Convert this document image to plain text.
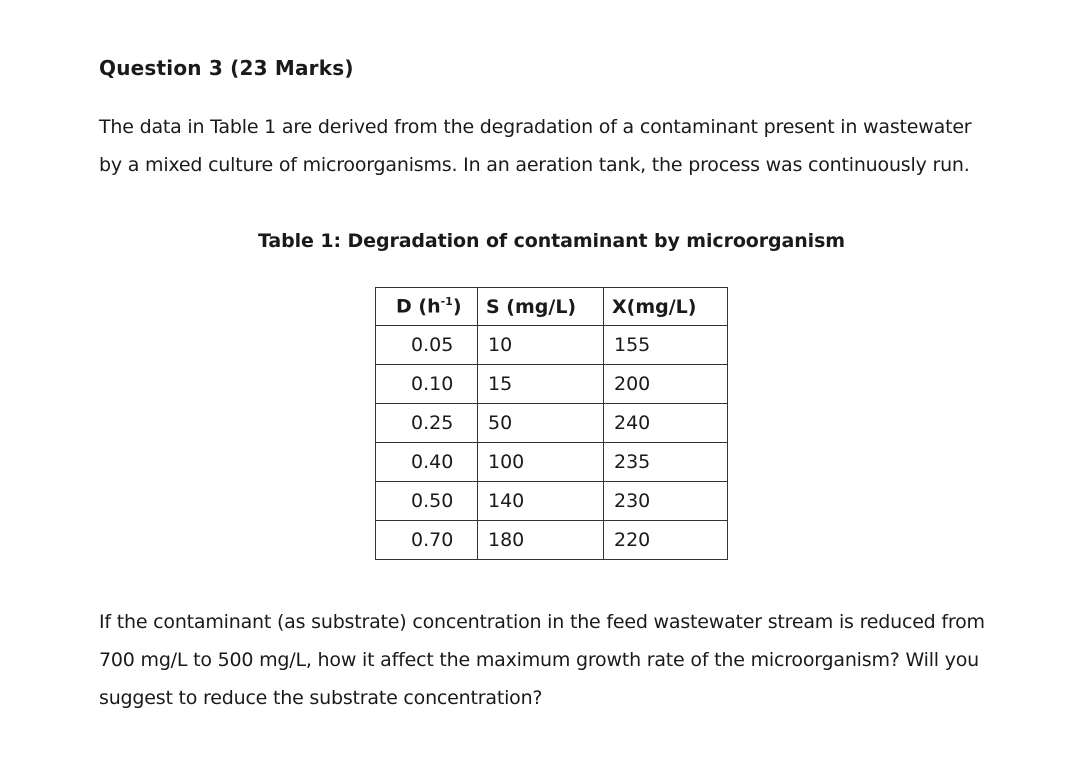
Question 3 (23 Marks)
The data in Table 1 are derived from the degradation of a contaminant present in wastewater
by a mixed culture of microorganisms. In an aeration tank, the process was continuously run.
Table 1: Degradation of contaminant by microorganism
D $(h^{-1})$	S (mg/L)	X(mg/L)
0.05	10	155
0.10	15	200
0.25	50	240
0.40	100	235
0.50	140	230
0.70	180	220
If the contaminant (as substrate) concentration in the feed wastewater stream is reduced from
700 mg/L to 500 mg/L, how it affect the maximum growth rate of the microorganism? Will you
suggest to reduce the substrate concentration?
